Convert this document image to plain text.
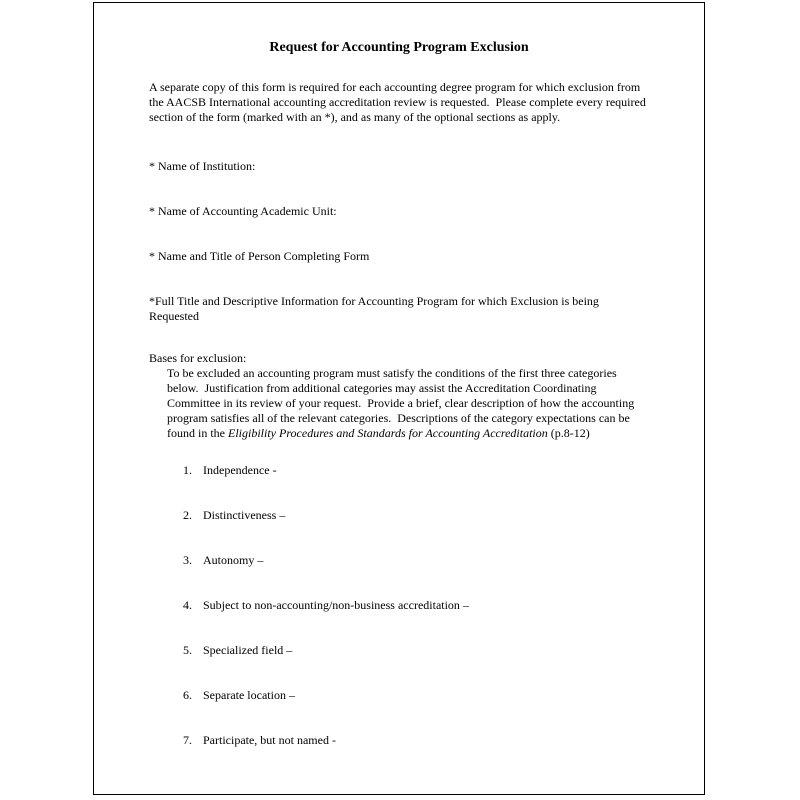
Request for Accounting Program Exclusion
A separate copy of this form is required for each accounting degree program for which exclusion from the AACSB International accounting accreditation review is requested.  Please complete every required section of the form (marked with an *), and as many of the optional sections as apply.
* Name of Institution:
* Name of Accounting Academic Unit:
* Name and Title of Person Completing Form
*Full Title and Descriptive Information for Accounting Program for which Exclusion is being Requested
Bases for exclusion:
To be excluded an accounting program must satisfy the conditions of the first three categories below.  Justification from additional categories may assist the Accreditation Coordinating Committee in its review of your request.  Provide a brief, clear description of how the accounting program satisfies all of the relevant categories.  Descriptions of the category expectations can be found in the Eligibility Procedures and Standards for Accounting Accreditation (p.8-12)
1. Independence -
2. Distinctiveness –
3. Autonomy –
4. Subject to non-accounting/non-business accreditation –
5. Specialized field –
6. Separate location –
7. Participate, but not named -
